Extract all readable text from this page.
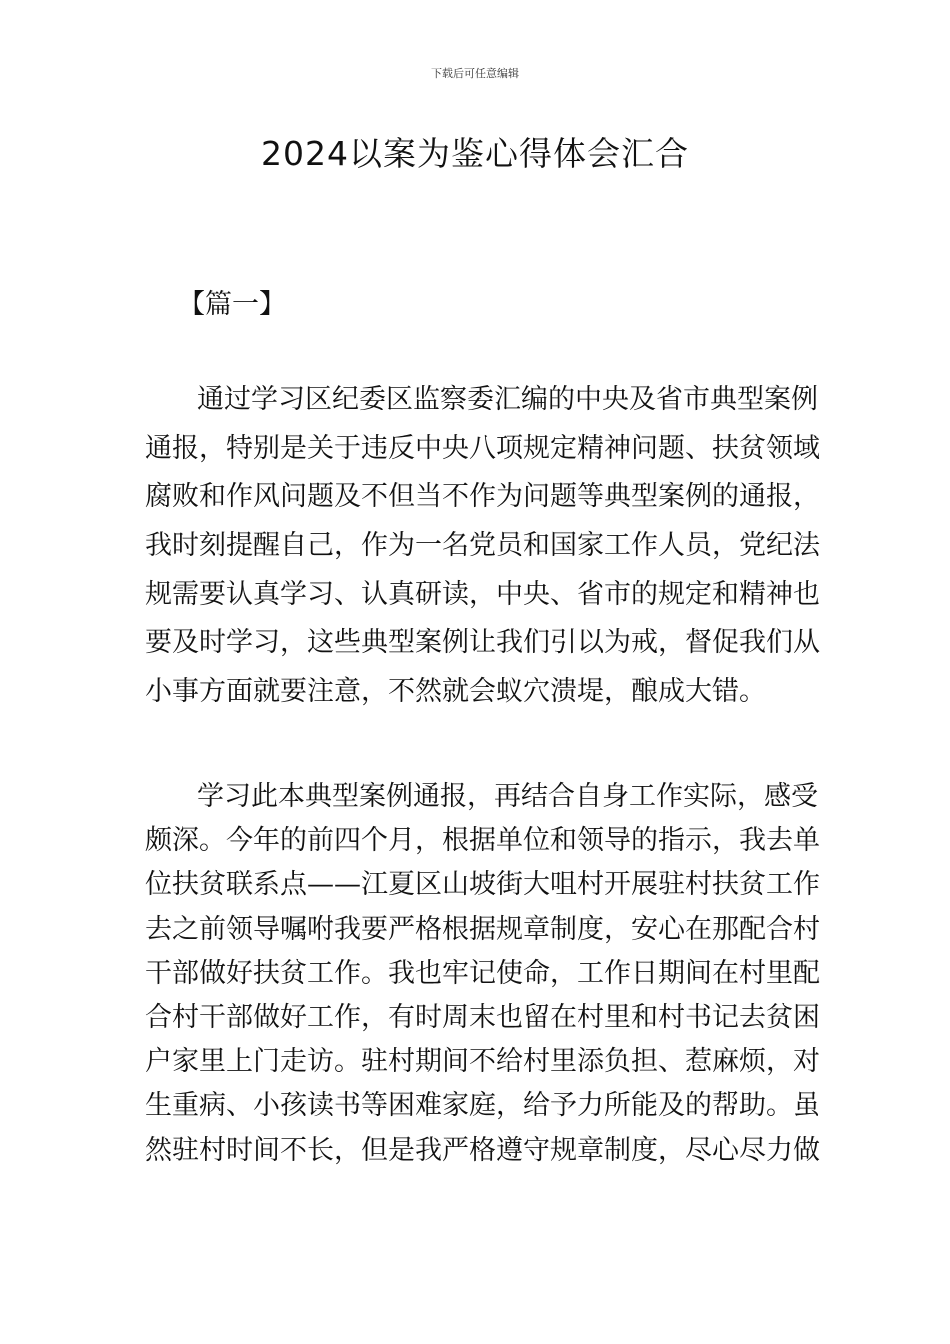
下载后可任意编辑
2024以案为鉴心得体会汇合
【篇一】
通过学习区纪委区监察委汇编的中央及省市典型案例
通报，特别是关于违反中央八项规定精神问题、扶贫领域
腐败和作风问题及不但当不作为问题等典型案例的通报，
我时刻提醒自己，作为一名党员和国家工作人员，党纪法
规需要认真学习、认真研读，中央、省市的规定和精神也
要及时学习，这些典型案例让我们引以为戒，督促我们从
小事方面就要注意，不然就会蚁穴溃堤，酿成大错。
学习此本典型案例通报，再结合自身工作实际，感受
颇深。今年的前四个月，根据单位和领导的指示，我去单
位扶贫联系点——江夏区山坡街大咀村开展驻村扶贫工作
去之前领导嘱咐我要严格根据规章制度，安心在那配合村
干部做好扶贫工作。我也牢记使命，工作日期间在村里配
合村干部做好工作，有时周末也留在村里和村书记去贫困
户家里上门走访。驻村期间不给村里添负担、惹麻烦，对
生重病、小孩读书等困难家庭，给予力所能及的帮助。虽
然驻村时间不长，但是我严格遵守规章制度，尽心尽力做
